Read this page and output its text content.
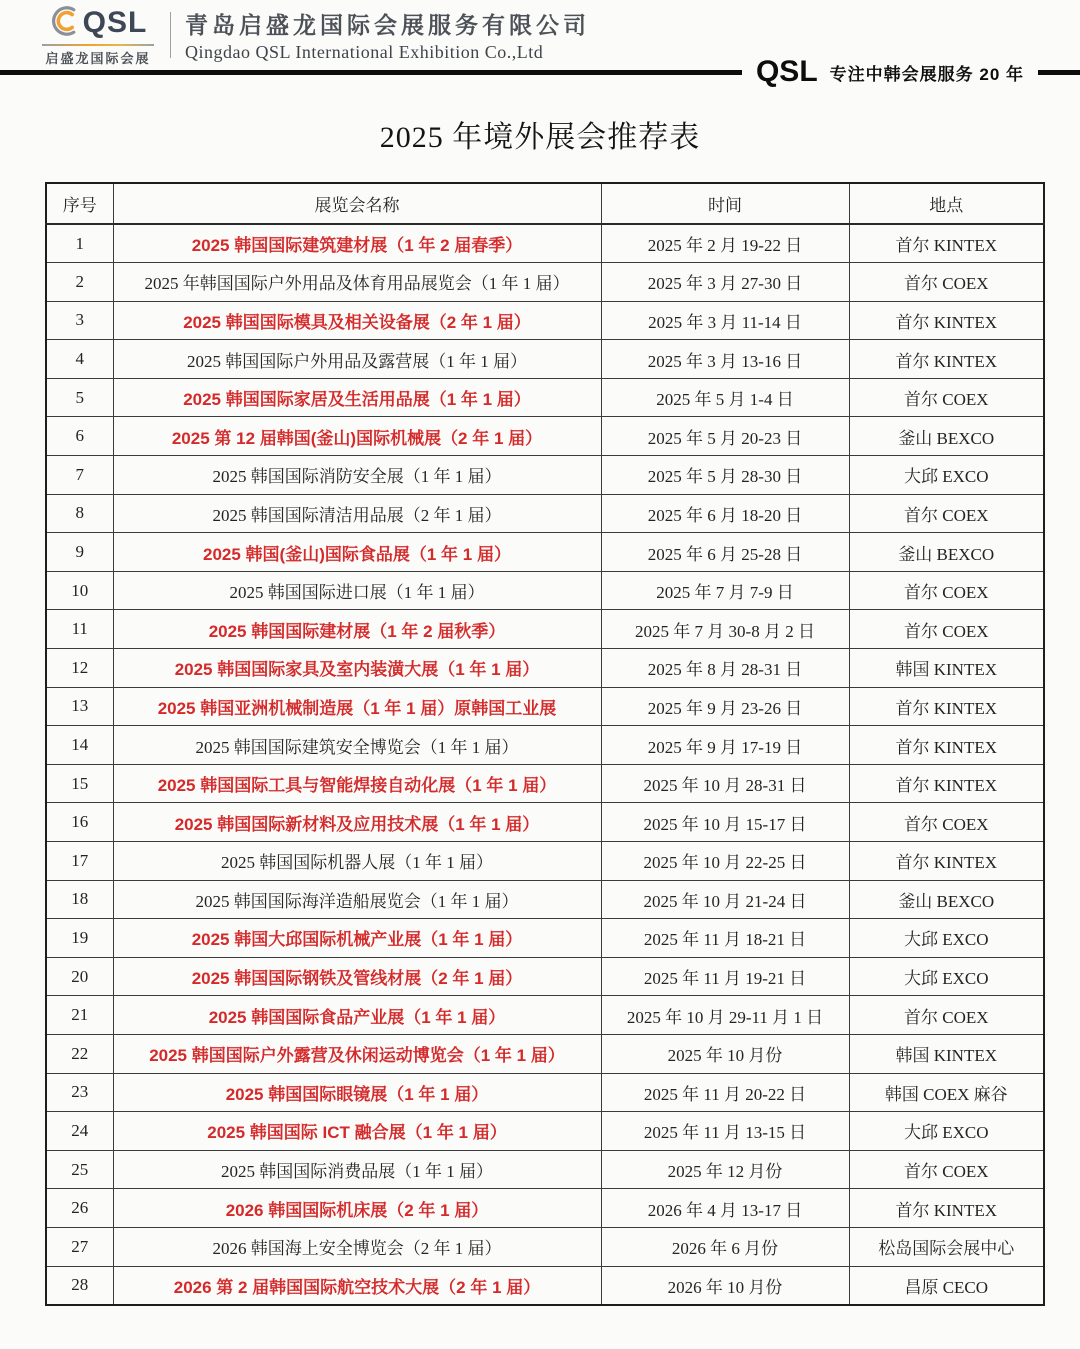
QSL
启盛龙国际会展
青岛启盛龙国际会展服务有限公司
Qingdao QSL International Exhibition Co.,Ltd
QSL 专注中韩会展服务 20 年
2025 年境外展会推荐表
序号	展览会名称	时间	地点
1	2025 韩国国际建筑建材展（1 年 2 届春季）	2025 年 2 月 19-22 日	首尔 KINTEX
2	2025 年韩国国际户外用品及体育用品展览会（1 年 1 届）	2025 年 3 月 27-30 日	首尔 COEX
3	2025 韩国国际模具及相关设备展（2 年 1 届）	2025 年 3 月 11-14 日	首尔 KINTEX
4	2025 韩国国际户外用品及露营展（1 年 1 届）	2025 年 3 月 13-16 日	首尔 KINTEX
5	2025 韩国国际家居及生活用品展（1 年 1 届）	2025 年 5 月 1-4 日	首尔 COEX
6	2025 第 12 届韩国(釜山)国际机械展（2 年 1 届）	2025 年 5 月 20-23 日	釜山 BEXCO
7	2025 韩国国际消防安全展（1 年 1 届）	2025 年 5 月 28-30 日	大邱 EXCO
8	2025 韩国国际清洁用品展（2 年 1 届）	2025 年 6 月 18-20 日	首尔 COEX
9	2025 韩国(釜山)国际食品展（1 年 1 届）	2025 年 6 月 25-28 日	釜山 BEXCO
10	2025 韩国国际进口展（1 年 1 届）	2025 年 7 月 7-9 日	首尔 COEX
11	2025 韩国国际建材展（1 年 2 届秋季）	2025 年 7 月 30-8 月 2 日	首尔 COEX
12	2025 韩国国际家具及室内装潢大展（1 年 1 届）	2025 年 8 月 28-31 日	韩国 KINTEX
13	2025 韩国亚洲机械制造展（1 年 1 届）原韩国工业展	2025 年 9 月 23-26 日	首尔 KINTEX
14	2025 韩国国际建筑安全博览会（1 年 1 届）	2025 年 9 月 17-19 日	首尔 KINTEX
15	2025 韩国国际工具与智能焊接自动化展（1 年 1 届）	2025 年 10 月 28-31 日	首尔 KINTEX
16	2025 韩国国际新材料及应用技术展（1 年 1 届）	2025 年 10 月 15-17 日	首尔 COEX
17	2025 韩国国际机器人展（1 年 1 届）	2025 年 10 月 22-25 日	首尔 KINTEX
18	2025 韩国国际海洋造船展览会（1 年 1 届）	2025 年 10 月 21-24 日	釜山 BEXCO
19	2025 韩国大邱国际机械产业展（1 年 1 届）	2025 年 11 月 18-21 日	大邱 EXCO
20	2025 韩国国际钢铁及管线材展（2 年 1 届）	2025 年 11 月 19-21 日	大邱 EXCO
21	2025 韩国国际食品产业展（1 年 1 届）	2025 年 10 月 29-11 月 1 日	首尔 COEX
22	2025 韩国国际户外露营及休闲运动博览会（1 年 1 届）	2025 年 10 月份	韩国 KINTEX
23	2025 韩国国际眼镜展（1 年 1 届）	2025 年 11 月 20-22 日	韩国 COEX 麻谷
24	2025 韩国国际 ICT 融合展（1 年 1 届）	2025 年 11 月 13-15 日	大邱 EXCO
25	2025 韩国国际消费品展（1 年 1 届）	2025 年 12 月份	首尔 COEX
26	2026 韩国国际机床展（2 年 1 届）	2026 年 4 月 13-17 日	首尔 KINTEX
27	2026 韩国海上安全博览会（2 年 1 届）	2026 年 6 月份	松岛国际会展中心
28	2026 第 2 届韩国国际航空技术大展（2 年 1 届）	2026 年 10 月份	昌原 CECO
